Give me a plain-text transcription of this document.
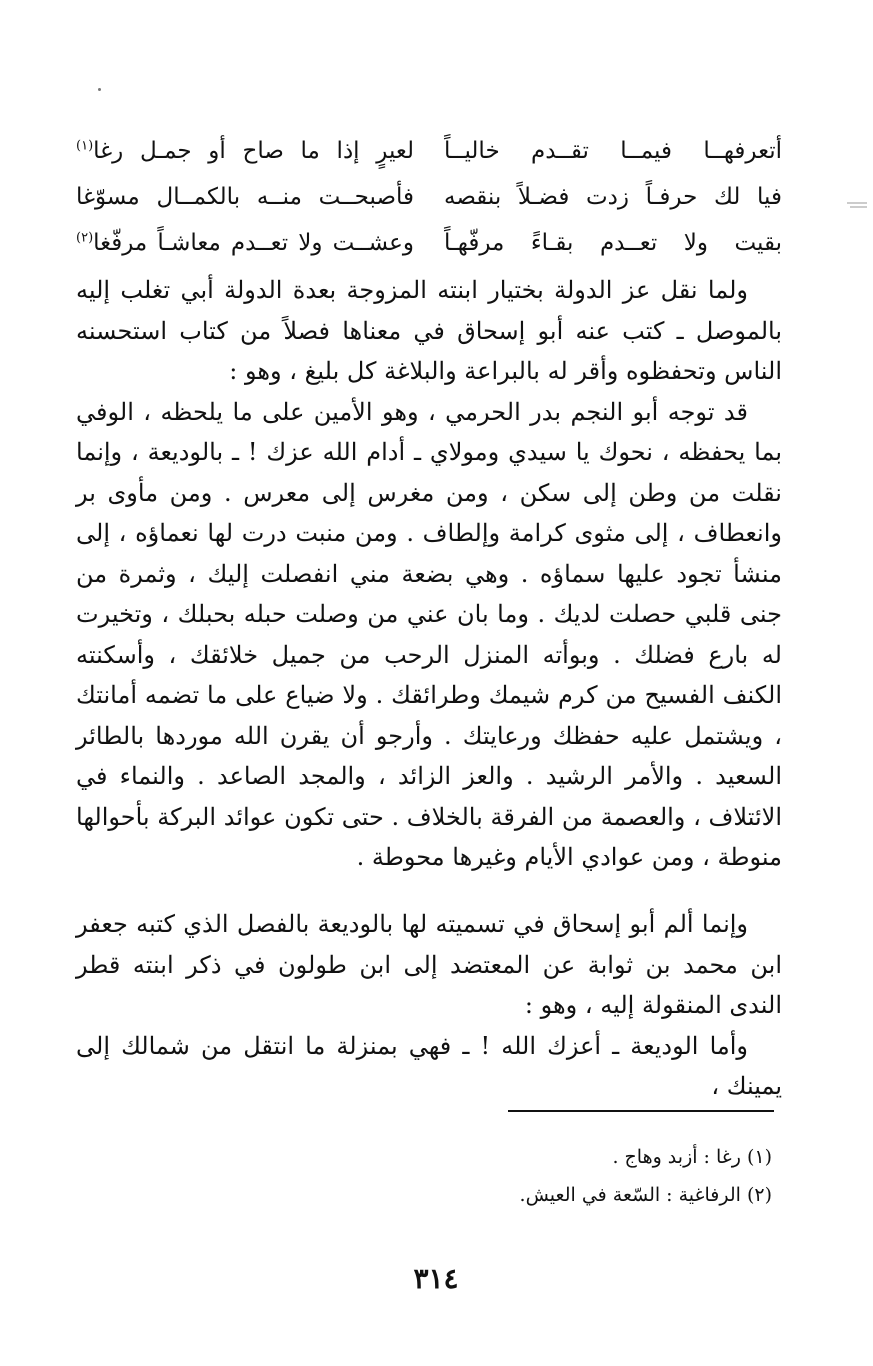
أتعرفهــا فيمــا تقــدم خاليــاً
لعيرٍ إذا ما صاح أو جمـل رغا$^{(١)}$
فيا لك حرفـاً زدت فضـلاً بنقصه
فأصبحــت منــه بالكمــال مسوّغا
بقيت ولا تعــدم بقـاءً مرفّهـاً
وعشــت ولا تعــدم معاشـاً مرفّغا$^{(٢)}$

ولما نقل عز الدولة بختيار ابنته المزوجة بعدة الدولة أبي تغلب إليه بالموصل ـ كتب عنه أبو إسحاق في معناها فصلاً من كتاب استحسنه الناس وتحفظوه وأقر له بالبراعة والبلاغة كل بليغ ، وهو :

قد توجه أبو النجم بدر الحرمي ، وهو الأمين على ما يلحظه ، الوفي بما يحفظه ، نحوك يا سيدي ومولاي ـ أدام الله عزك ! ـ بالوديعة ، وإنما نقلت من وطن إلى سكن ، ومن مغرس إلى معرس . ومن مأوى بر وانعطاف ، إلى مثوى كرامة وإلطاف . ومن منبت درت لها نعماؤه ، إلى منشأ تجود عليها سماؤه . وهي بضعة مني انفصلت إليك ، وثمرة من جنى قلبي حصلت لديك . وما بان عني من وصلت حبله بحبلك ، وتخيرت له بارع فضلك . وبوأته المنزل الرحب من جميل خلائقك ، وأسكنته الكنف الفسيح من كرم شيمك وطرائقك . ولا ضياع على ما تضمه أمانتك ، ويشتمل عليه حفظك ورعايتك . وأرجو أن يقرن الله موردها بالطائر السعيد . والأمر الرشيد . والعز الزائد ، والمجد الصاعد . والنماء في الائتلاف ، والعصمة من الفرقة بالخلاف . حتى تكون عوائد البركة بأحوالها منوطة ، ومن عوادي الأيام وغيرها محوطة .

وإنما ألم أبو إسحاق في تسميته لها بالوديعة بالفصل الذي كتبه جعفر ابن محمد بن ثوابة عن المعتضد إلى ابن طولون في ذكر ابنته قطر الندى المنقولة إليه ، وهو :

وأما الوديعة ـ أعزك الله ! ـ فهي بمنزلة ما انتقل من شمالك إلى يمينك ،

(١) رغا : أزبد وهاج .
(٢) الرفاغية : السّعة في العيش.
٣١٤
